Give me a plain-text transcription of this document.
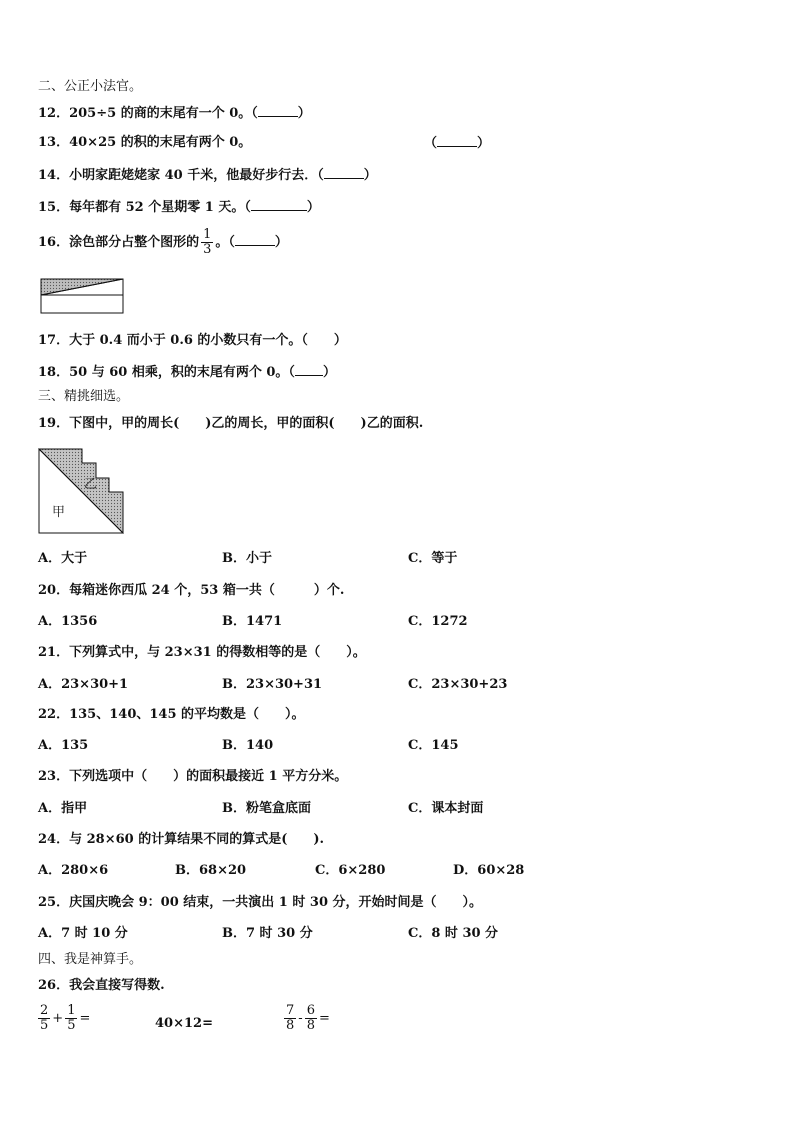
二、公正小法官。
12．205÷5 的商的末尾有一个 0。（	）
13．40×25 的积的末尾有两个 0。	（	）
14．小明家距姥姥家 40 千米，他最好步行去．（	）
15．每年都有 52 个星期零 1 天。（	）
16．涂色部分占整个图形的 $\frac{1}{3}$ 。（	）
17．大于 0.4 而小于 0.6 的小数只有一个。（　　）
18．50 与 60 相乘，积的末尾有两个 0。（ ）
三、精挑细选。
19．下图中，甲的周长(　　)乙的周长，甲的面积(　　)乙的面积.
乙
甲
A．大于	B．小于	C．等于
20．每箱迷你西瓜 24 个，53 箱一共（　　　）个.
A．1356	B．1471	C．1272
21．下列算式中，与 23×31 的得数相等的是（　　）。
A．23×30+1	B．23×30+31	C．23×30+23
22．135、140、145 的平均数是（　　）。
A．135	B．140	C．145
23．下列选项中（　　）的面积最接近 1 平方分米。
A．指甲	B．粉笔盒底面	C．课本封面
24．与 28×60 的计算结果不同的算式是(　　).
A．280×6	B．68×20	C．6×280	D．60×28
25．庆国庆晚会 9：00 结束，一共演出 1 时 30 分，开始时间是（　　）。
A．7 时 10 分	B．7 时 30 分	C．8 时 30 分
四、我是神算手。
26．我会直接写得数.
$\frac{2}{5} + \frac{1}{5}$ =	40×12=	$\frac{7}{8} - \frac{6}{8}$ =
